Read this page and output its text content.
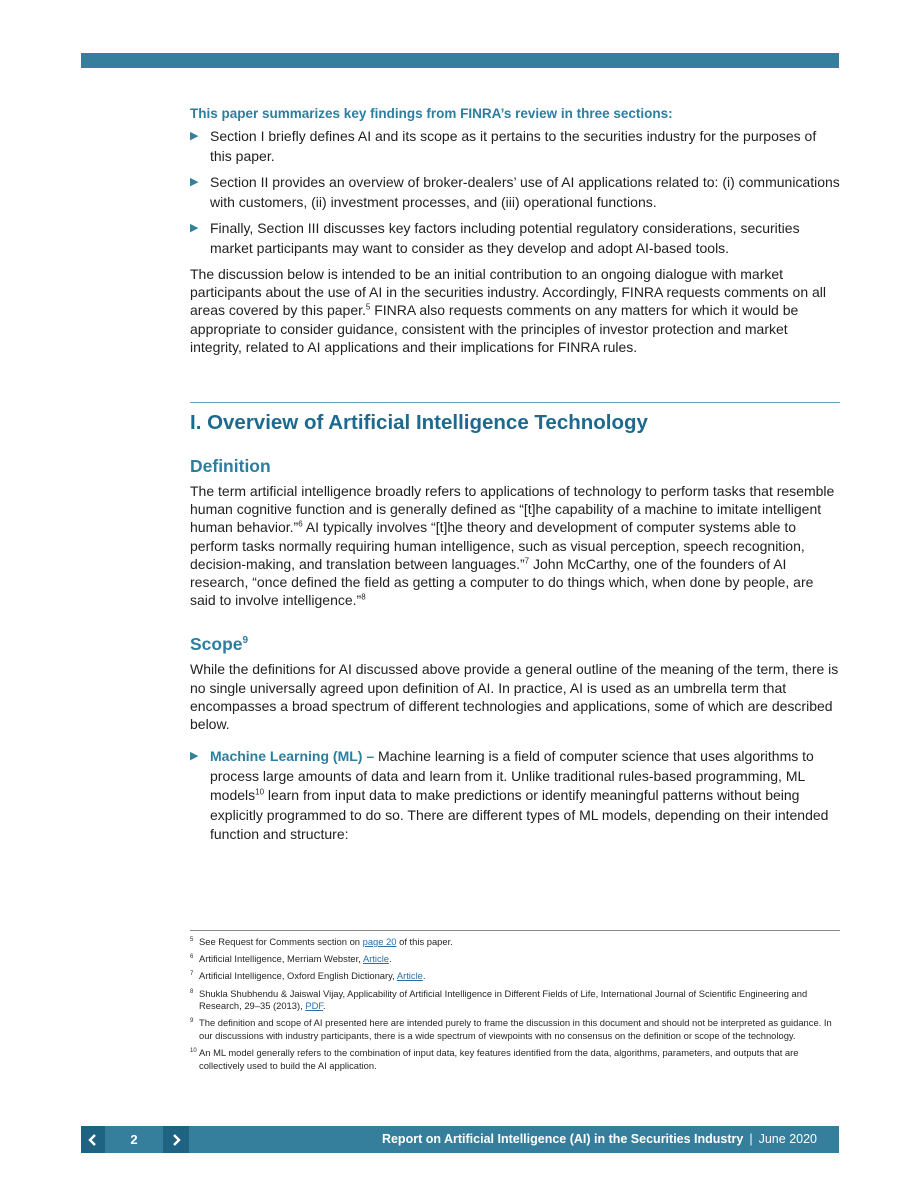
This paper summarizes key findings from FINRA’s review in three sections:

▶ Section I briefly defines AI and its scope as it pertains to the securities industry for the purposes of this paper.
▶ Section II provides an overview of broker-dealers’ use of AI applications related to: (i) communications with customers, (ii) investment processes, and (iii) operational functions.
▶ Finally, Section III discusses key factors including potential regulatory considerations, securities market participants may want to consider as they develop and adopt AI-based tools.

The discussion below is intended to be an initial contribution to an ongoing dialogue with market participants about the use of AI in the securities industry. Accordingly, FINRA requests comments on all areas covered by this paper.$^5$ FINRA also requests comments on any matters for which it would be appropriate to consider guidance, consistent with the principles of investor protection and market integrity, related to AI applications and their implications for FINRA rules.

I. Overview of Artificial Intelligence Technology
Definition

The term artificial intelligence broadly refers to applications of technology to perform tasks that resemble human cognitive function and is generally defined as “[t]he capability of a machine to imitate intelligent human behavior.”$^6$ AI typically involves “[t]he theory and development of computer systems able to perform tasks normally requiring human intelligence, such as visual perception, speech recognition, decision-making, and translation between languages.”$^7$ John McCarthy, one of the founders of AI research, “once defined the field as getting a computer to do things which, when done by people, are said to involve intelligence.”$^8$

Scope$^9$

While the definitions for AI discussed above provide a general outline of the meaning of the term, there is no single universally agreed upon definition of AI. In practice, AI is used as an umbrella term that encompasses a broad spectrum of different technologies and applications, some of which are described below.

▶ Machine Learning (ML) – Machine learning is a field of computer science that uses algorithms to process large amounts of data and learn from it. Unlike traditional rules-based programming, ML models$^{10}$ learn from input data to make predictions or identify meaningful patterns without being explicitly programmed to do so. There are different types of ML models, depending on their intended function and structure:
5 See Request for Comments section on page 20 of this paper.
6 Artificial Intelligence, Merriam Webster, Article.
7 Artificial Intelligence, Oxford English Dictionary, Article.
8 Shukla Shubhendu & Jaiswal Vijay, Applicability of Artificial Intelligence in Different Fields of Life, International Journal of Scientific Engineering and Research, 29–35 (2013), PDF.
9 The definition and scope of AI presented here are intended purely to frame the discussion in this document and should not be interpreted as guidance. In our discussions with industry participants, there is a wide spectrum of viewpoints with no consensus on the definition or scope of the technology.
10 An ML model generally refers to the combination of input data, key features identified from the data, algorithms, parameters, and outputs that are collectively used to build the AI application.
2	Report on Artificial Intelligence (AI) in the Securities Industry | June 2020
